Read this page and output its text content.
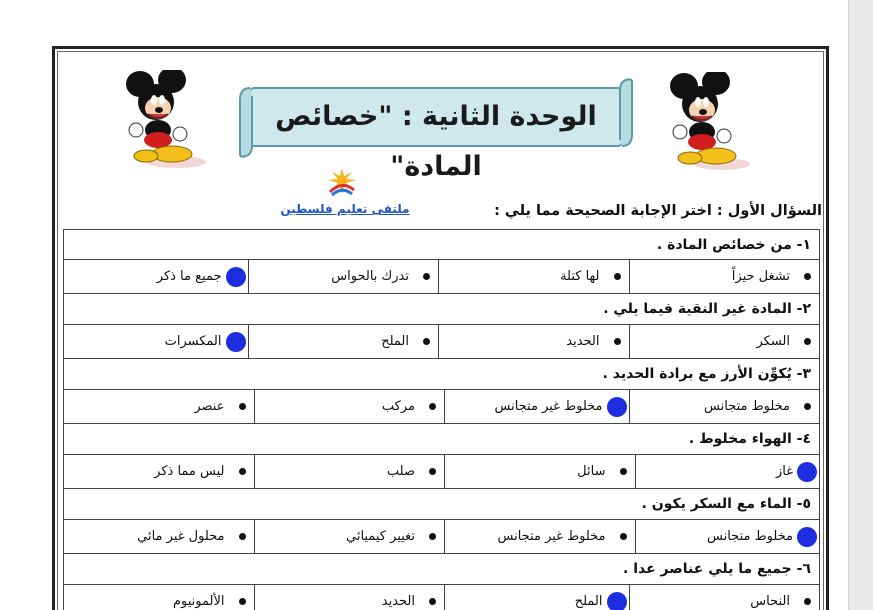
الوحدة الثانية : "خصائص المادة"
ملتقى تعليم فلسطين	السؤال الأول : اختر الإجابة الصحيحة مما يلي :
١- من خصائص المادة .
تشغل حيزاً
لها كتلة
تدرك بالحواس
جميع ما ذكر
٢- المادة غير النقية فيما يلي .
السكر
الحديد
الملح
المكسرات
٣- يُكوِّن الأرز مع برادة الحديد .
مخلوط متجانس
مخلوط غير متجانس
مركب
عنصر
٤- الهواء مخلوط .
غاز
سائل
صلب
ليس مما ذكر
٥- الماء مع السكر يكون .
مخلوط متجانس
مخلوط غير متجانس
تغيير كيميائي
محلول غير مائي
٦- جميع ما يلي عناصر عدا .
النحاس
الملح
الحديد
الألمونيوم
